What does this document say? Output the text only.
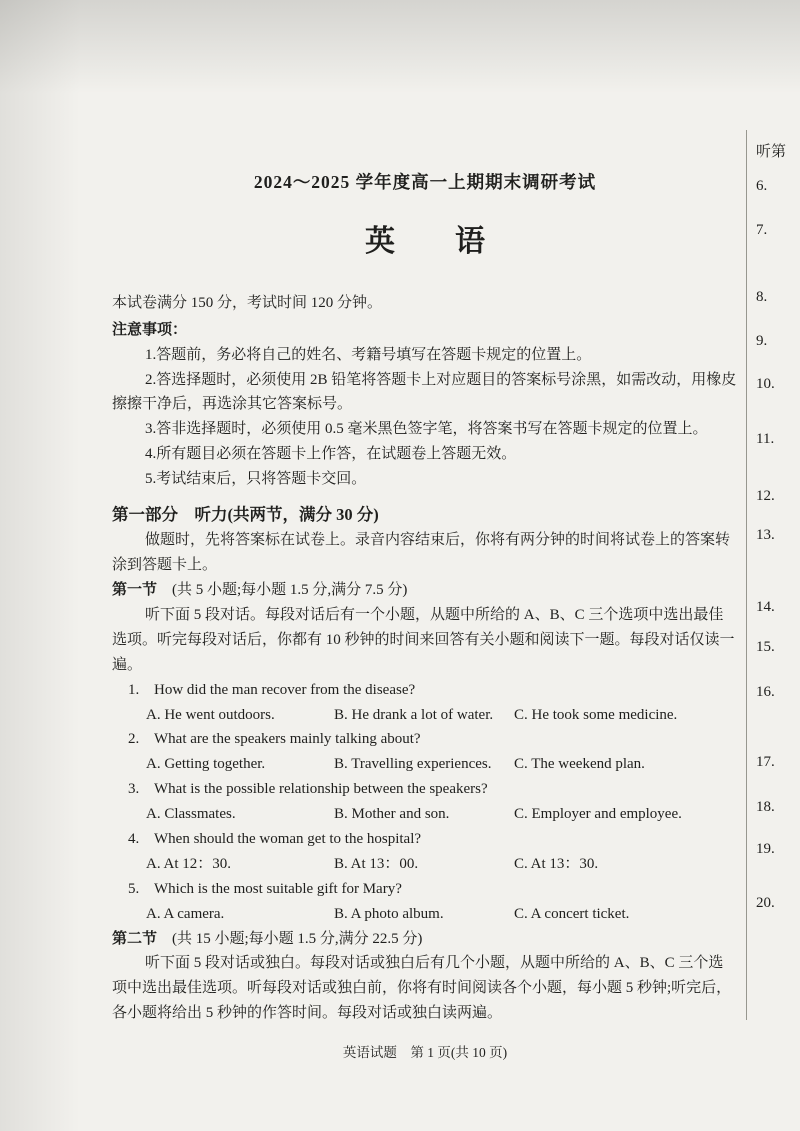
2024～2025 学年度高一上期期末调研考试
英　　语

本试卷满分 150 分，考试时间 120 分钟。

注意事项：

1.答题前，务必将自己的姓名、考籍号填写在答题卡规定的位置上。

2.答选择题时，必须使用 2B 铅笔将答题卡上对应题目的答案标号涂黑，如需改动，用橡皮擦擦干净后，再选涂其它答案标号。

3.答非选择题时，必须使用 0.5 毫米黑色签字笔，将答案书写在答题卡规定的位置上。

4.所有题目必须在答题卡上作答，在试题卷上答题无效。

5.考试结束后，只将答题卡交回。

第一部分　听力(共两节，满分 30 分)

做题时，先将答案标在试卷上。录音内容结束后，你将有两分钟的时间将试卷上的答案转涂到答题卡上。

第一节　(共 5 小题;每小题 1.5 分,满分 7.5 分)

听下面 5 段对话。每段对话后有一个小题，从题中所给的 A、B、C 三个选项中选出最佳选项。听完每段对话后，你都有 10 秒钟的时间来回答有关小题和阅读下一题。每段对话仅读一遍。

1. How did the man recover from the disease?
A. He went outdoors.	B. He drank a lot of water.	C. He took some medicine.
2. What are the speakers mainly talking about?
A. Getting together.	B. Travelling experiences.	C. The weekend plan.
3. What is the possible relationship between the speakers?
A. Classmates.	B. Mother and son.	C. Employer and employee.
4. When should the woman get to the hospital?
A. At 12：30.	B. At 13：00.	C. At 13：30.
5. Which is the most suitable gift for Mary?
A. A camera.	B. A photo album.	C. A concert ticket.

第二节　(共 15 小题;每小题 1.5 分,满分 22.5 分)

听下面 5 段对话或独白。每段对话或独白后有几个小题，从题中所给的 A、B、C 三个选项中选出最佳选项。听每段对话或独白前，你将有时间阅读各个小题，每小题 5 秒钟;听完后，各小题将给出 5 秒钟的作答时间。每段对话或独白读两遍。

英语试题　第 1 页(共 10 页)

听第
6.
7.
8.
9.
10.
11.
12.
13.
14.
15.
16.
17.
18.
19.
20.
